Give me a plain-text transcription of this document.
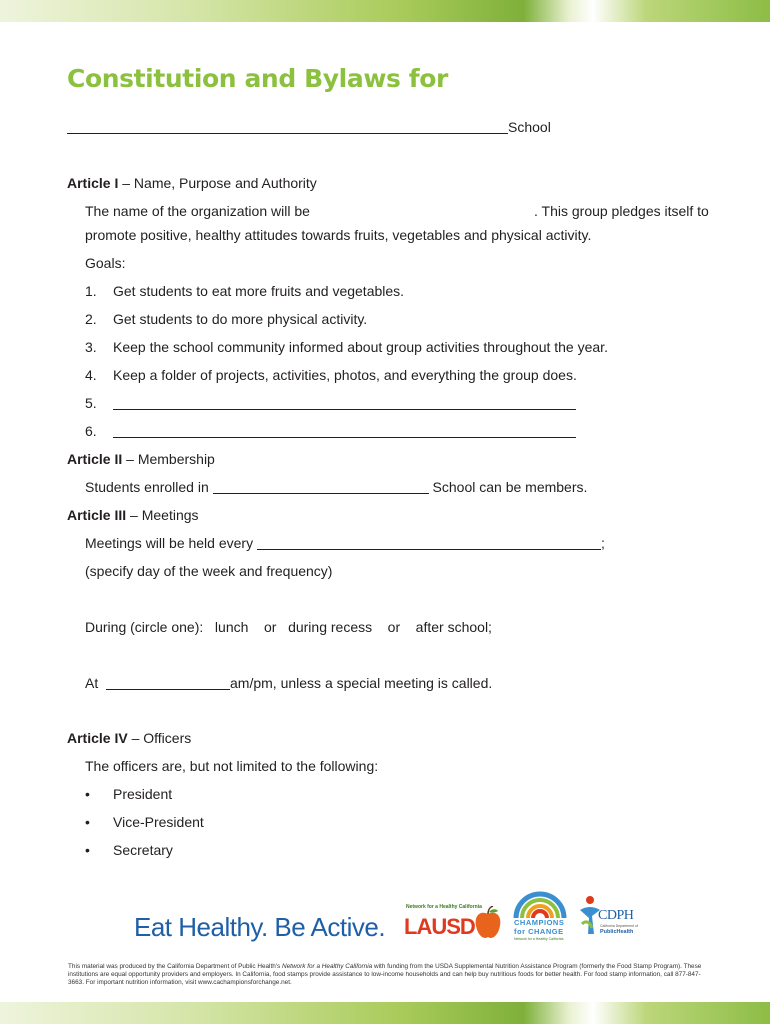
Constitution and Bylaws for
School
Article I – Name, Purpose and Authority
The name of the organization will be	. This group pledges itself to
promote positive, healthy attitudes towards fruits, vegetables and physical activity.
Goals:
1. Get students to eat more fruits and vegetables.
2. Get students to do more physical activity.
3. Keep the school community informed about group activities throughout the year.
4. Keep a folder of projects, activities, photos, and everything the group does.
5.
6.
Article II – Membership
Students enrolled in	School can be members.
Article III – Meetings
Meetings will be held every	;
(specify day of the week and frequency)
During (circle one):   lunch    or   during recess    or    after school;
At	am/pm, unless a special meeting is called.
Article IV – Officers
The officers are, but not limited to the following:
• President
• Vice-President
• Secretary
Eat Healthy. Be Active.
Network for a Healthy California
LAUSD	CHAMPIONS
for CHANGE
Network for a Healthy California
CDPH
California Department of
PublicHealth
This material was produced by the California Department of Public Health's Network for a Healthy California with funding from the USDA Supplemental Nutrition Assistance Program (formerly the Food Stamp Program). These institutions are equal opportunity providers and employers. In California, food stamps provide assistance to low-income households and can help buy nutritious foods for better health. For food stamp information, call 877-847-3663. For important nutrition information, visit www.cachampionsforchange.net.
